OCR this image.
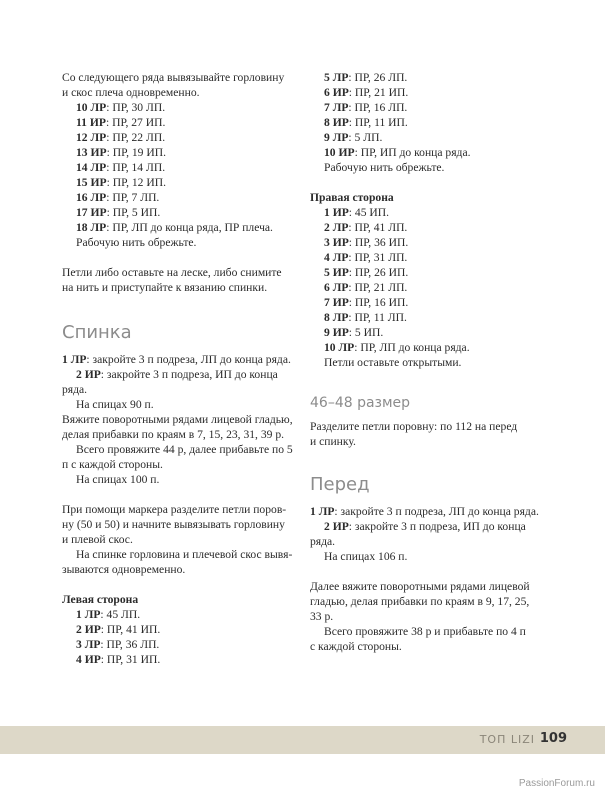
Со следующего ряда вывязывайте горловину
и скос плеча одновременно.
10 ЛР: ПР, 30 ЛП.
11 ИР: ПР, 27 ИП.
12 ЛР: ПР, 22 ЛП.
13 ИР: ПР, 19 ИП.
14 ЛР: ПР, 14 ЛП.
15 ИР: ПР, 12 ИП.
16 ЛР: ПР, 7 ЛП.
17 ИР: ПР, 5 ИП.
18 ЛР: ПР, ЛП до конца ряда, ПР плеча.
Рабочую нить обрежьте.
Петли либо оставьте на леске, либо снимите
на нить и приступайте к вязанию спинки.
Спинка
1 ЛР: закройте 3 п подреза, ЛП до конца ряда.
2 ИР: закройте 3 п подреза, ИП до конца
ряда.
На спицах 90 п.
Вяжите поворотными рядами лицевой гладью,
делая прибавки по краям в 7, 15, 23, 31, 39 р.
Всего провяжите 44 р, далее прибавьте по 5
п с каждой стороны.
На спицах 100 п.
При помощи маркера разделите петли поров-
ну (50 и 50) и начните вывязывать горловину
и плевой скос.
На спинке горловина и плечевой скос вывя-
зываются одновременно.
Левая сторона
1 ЛР: 45 ЛП.
2 ИР: ПР, 41 ИП.
3 ЛР: ПР, 36 ЛП.
4 ИР: ПР, 31 ИП.
5 ЛР: ПР, 26 ЛП.
6 ИР: ПР, 21 ИП.
7 ЛР: ПР, 16 ЛП.
8 ИР: ПР, 11 ИП.
9 ЛР: 5 ЛП.
10 ИР: ПР, ИП до конца ряда.
Рабочую нить обрежьте.
Правая сторона
1 ИР: 45 ИП.
2 ЛР: ПР, 41 ЛП.
3 ИР: ПР, 36 ИП.
4 ЛР: ПР, 31 ЛП.
5 ИР: ПР, 26 ИП.
6 ЛР: ПР, 21 ЛП.
7 ИР: ПР, 16 ИП.
8 ЛР: ПР, 11 ЛП.
9 ИР: 5 ИП.
10 ЛР: ПР, ЛП до конца ряда.
Петли оставьте открытыми.
46–48 размер
Разделите петли поровну: по 112 на перед
и спинку.
Перед
1 ЛР: закройте 3 п подреза, ЛП до конца ряда.
2 ИР: закройте 3 п подреза, ИП до конца
ряда.
На спицах 106 п.
Далее вяжите поворотными рядами лицевой
гладью, делая прибавки по краям в 9, 17, 25,
33 р.
Всего провяжите 38 р и прибавьте по 4 п
с каждой стороны.
ТОП LIZI 109
PassionForum.ru
